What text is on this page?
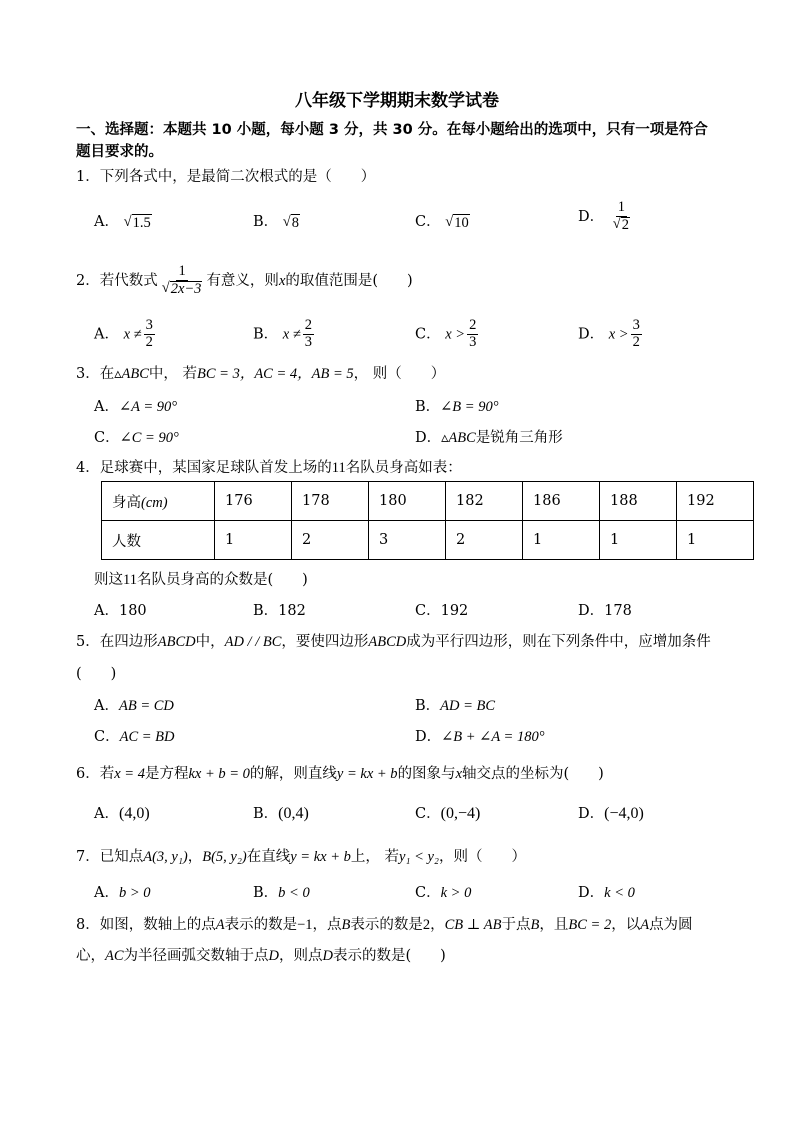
八年级下学期期末数学试卷
一、选择题：本题共 10 小题，每小题 3 分，共 30 分。在每小题给出的选项中，只有一项是符合
题目要求的。
1．下列各式中，是最简二次根式的是（　　）
A． √ 1.5	B． √ 8	C． √ 10	D． $\frac{1}{√ 2}$
2．若代数式 $\frac{1}{√ 2x-3}$ 有意义，则x的取值范围是(　　)
A． $x \ne \frac{3}{2}$	B． $x \ne \frac{2}{3}$	C． $x > \frac{2}{3}$	D． $x > \frac{3}{2}$
3．在▵ABC中， 若BC = 3，AC = 4，AB = 5， 则（　　）
A．∠A = 90°	B．∠B = 90°
C．∠C = 90°	D．▵ABC是锐角三角形
4．足球赛中，某国家足球队首发上场的11名队员身高如表：
身高(cm)	176	178	180	182	186	188	192
人数	1	2	3	2	1	1	1
则这11名队员身高的众数是(　　)
A．180	B．182	C．192	D．178
5．在四边形ABCD中，AD / / BC，要使四边形ABCD成为平行四边形，则在下列条件中，应增加条件
(　　)
A．AB = CD	B．AD = BC
C．AC = BD	D．∠B + ∠A = 180°
6．若x = 4是方程kx + b = 0的解，则直线y = kx + b的图象与x轴交点的坐标为(　　)
A．(4,0)	B．(0,4)	C．(0,−4)	D．(−4,0)
7．已知点A(3, y₁)，B(5, y₂)在直线y = kx + b上， 若y₁ < y₂，则（　　）
A．b > 0	B．b < 0	C．k > 0	D．k < 0
8．如图，数轴上的点A表示的数是−1，点B表示的数是2，CB ⊥ AB于点B，且BC = 2，以A点为圆
心，AC为半径画弧交数轴于点D，则点D表示的数是(　　)
